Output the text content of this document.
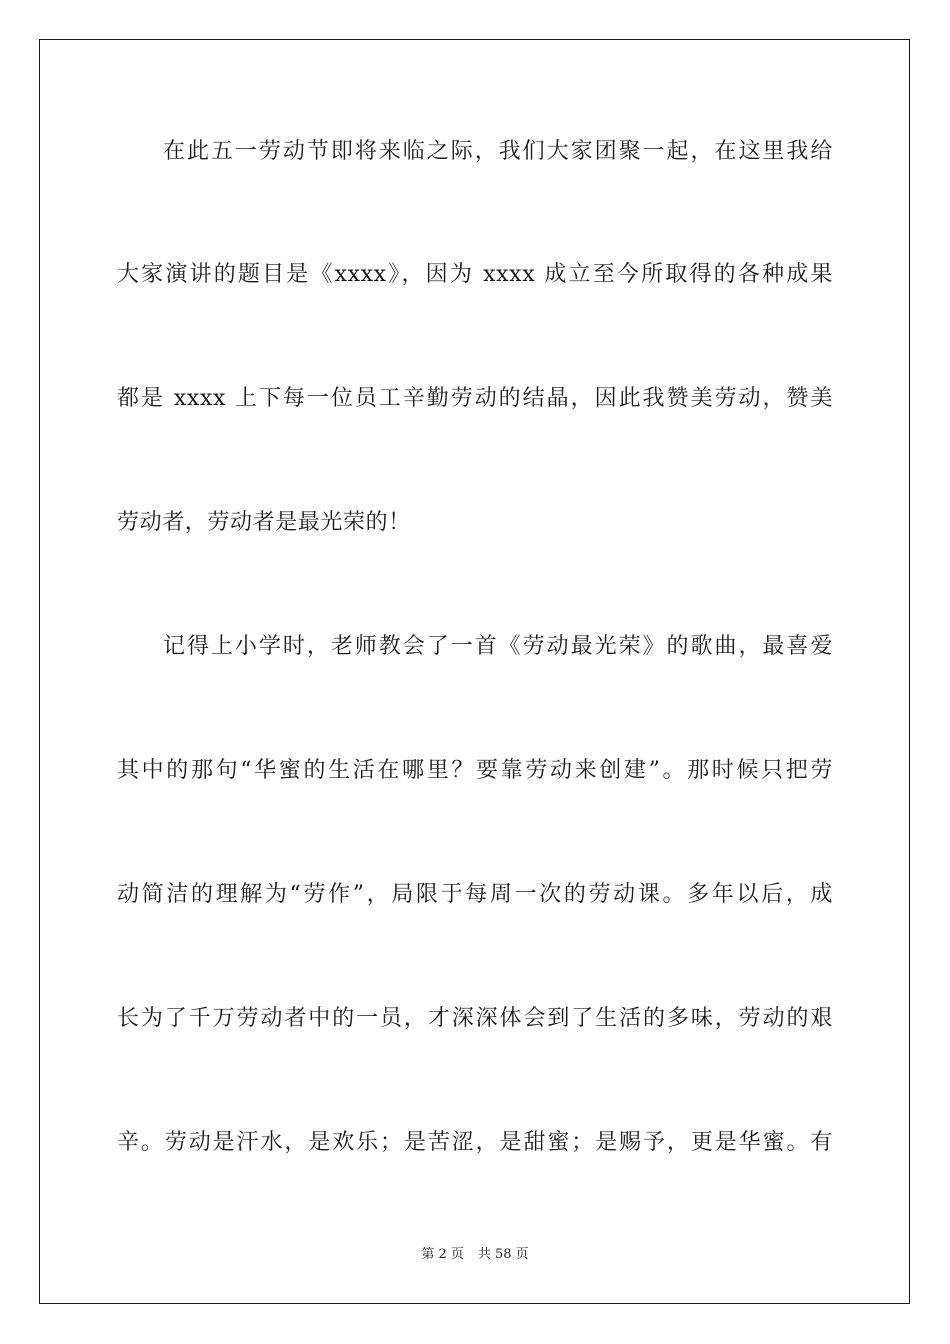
在此五一劳动节即将来临之际，我们大家团聚一起，在这里我给
大家演讲的题目是《xxxx》，因为 xxxx 成立至今所取得的各种成果
都是 xxxx 上下每一位员工辛勤劳动的结晶，因此我赞美劳动，赞美
劳动者，劳动者是最光荣的！
记得上小学时，老师教会了一首《劳动最光荣》的歌曲，最喜爱
其中的那句“华蜜的生活在哪里？要靠劳动来创建”。那时候只把劳
动简洁的理解为“劳作”，局限于每周一次的劳动课。多年以后，成
长为了千万劳动者中的一员，才深深体会到了生活的多味，劳动的艰
辛。劳动是汗水，是欢乐；是苦涩，是甜蜜；是赐予，更是华蜜。有
第 2 页 共 58 页
